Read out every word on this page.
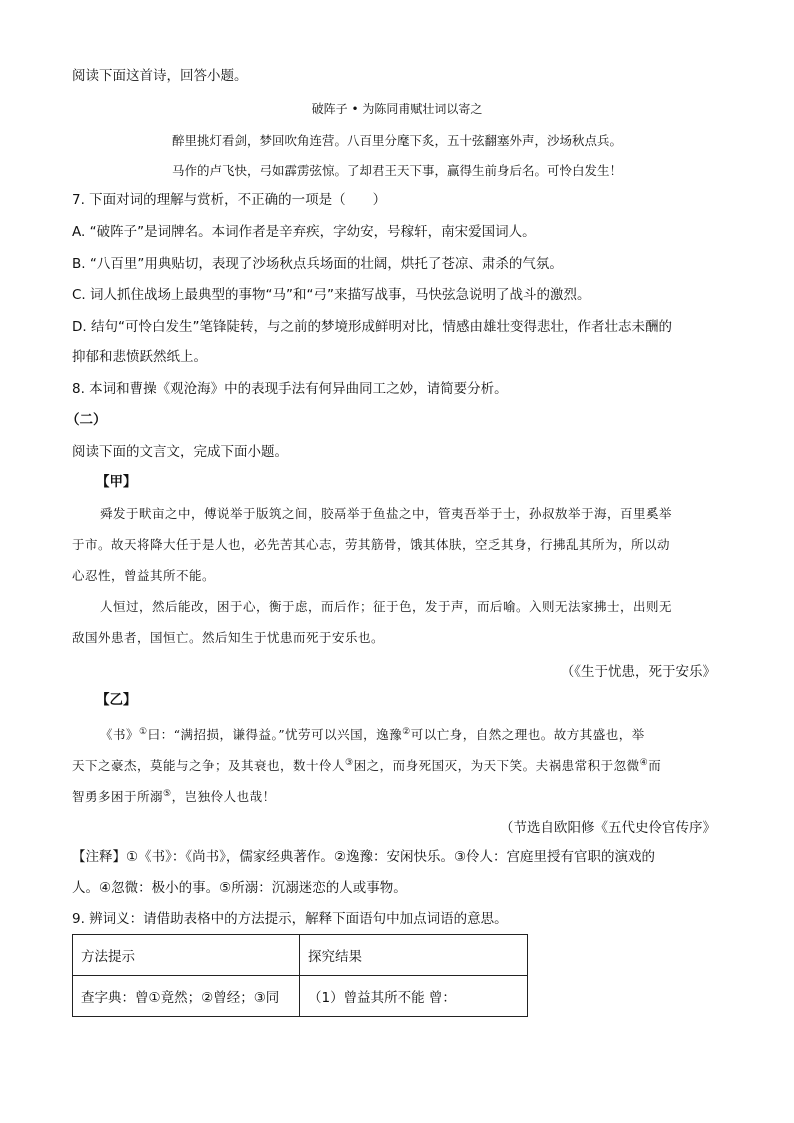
阅读下面这首诗，回答小题。
破阵子 • 为陈同甫赋壮词以寄之
醉里挑灯看剑，梦回吹角连营。八百里分麾下炙，五十弦翻塞外声，沙场秋点兵。
马作的卢飞快，弓如霹雳弦惊。了却君王天下事，赢得生前身后名。可怜白发生！
7. 下面对词的理解与赏析，不正确的一项是（　　）
A. “破阵子”是词牌名。本词作者是辛弃疾，字幼安，号稼轩，南宋爱国词人。
B. “八百里”用典贴切，表现了沙场秋点兵场面的壮阔，烘托了苍凉、肃杀的气氛。
C. 词人抓住战场上最典型的事物“马”和“弓”来描写战事，马快弦急说明了战斗的激烈。
D. 结句“可怜白发生”笔锋陡转，与之前的梦境形成鲜明对比，情感由雄壮变得悲壮，作者壮志未酬的
抑郁和悲愤跃然纸上。
8. 本词和曹操《观沧海》中的表现手法有何异曲同工之妙，请简要分析。
（二）
阅读下面的文言文，完成下面小题。
【甲】
舜发于畎亩之中，傅说举于版筑之间，胶鬲举于鱼盐之中，管夷吾举于士，孙叔敖举于海，百里奚举
于市。故天将降大任于是人也，必先苦其心志，劳其筋骨，饿其体肤，空乏其身，行拂乱其所为，所以动
心忍性，曾益其所不能。
人恒过，然后能改，困于心，衡于虑，而后作；征于色，发于声，而后喻。入则无法家拂士，出则无
敌国外患者，国恒亡。然后知生于忧患而死于安乐也。
（《生于忧患，死于安乐》
【乙】
《书》①曰：“满招损，谦得益。”忧劳可以兴国，逸豫②可以亡身，自然之理也。故方其盛也，举
天下之豪杰，莫能与之争；及其衰也，数十伶人③困之，而身死国灭，为天下笑。夫祸患常积于忽微④而
智勇多困于所溺⑤，岂独伶人也哉！
（节选自欧阳修《五代史伶官传序》
【注释】①《书》：《尚书》，儒家经典著作。②逸豫：安闲快乐。③伶人：宫庭里授有官职的演戏的
人。④忽微：极小的事。⑤所溺：沉溺迷恋的人或事物。
9. 辨词义：请借助表格中的方法提示，解释下面语句中加点词语的意思。
方法提示	探究结果
查字典：曾①竟然；②曾经；③同	（1）曾益其所不能 曾：
